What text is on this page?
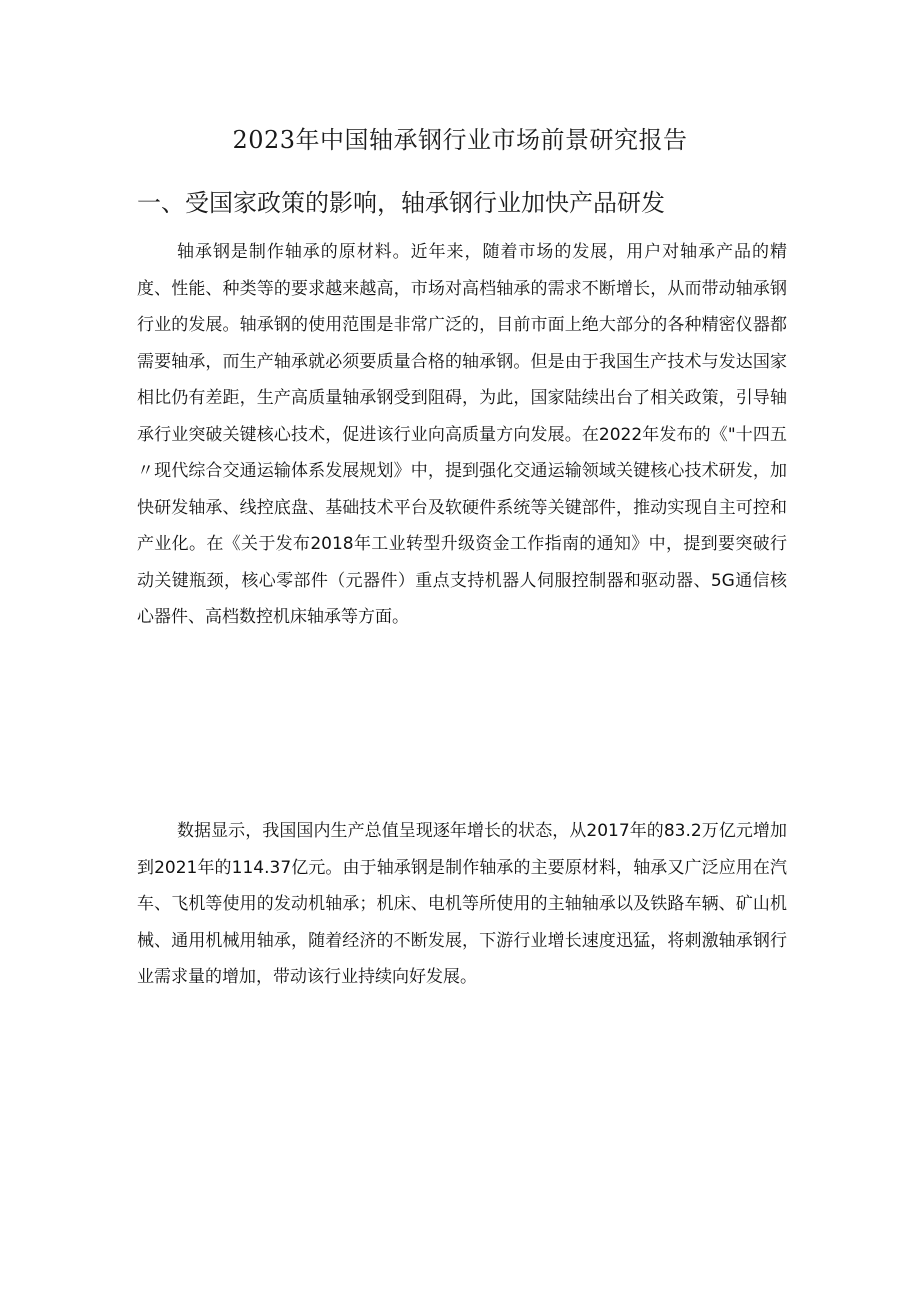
2023年中国轴承钢行业市场前景研究报告
一、受国家政策的影响，轴承钢行业加快产品研发

轴承钢是制作轴承的原材料。近年来，随着市场的发展，用户对轴承产品的精度、性能、种类等的要求越来越高，市场对高档轴承的需求不断增长，从而带动轴承钢行业的发展。轴承钢的使用范围是非常广泛的，目前市面上绝大部分的各种精密仪器都需要轴承，而生产轴承就必须要质量合格的轴承钢。但是由于我国生产技术与发达国家相比仍有差距，生产高质量轴承钢受到阻碍，为此，国家陆续出台了相关政策，引导轴承行业突破关键核心技术，促进该行业向高质量方向发展。在2022年发布的《"十四五〃现代综合交通运输体系发展规划》中，提到强化交通运输领域关键核心技术研发，加快研发轴承、线控底盘、基础技术平台及软硬件系统等关键部件，推动实现自主可控和产业化。在《关于发布2018年工业转型升级资金工作指南的通知》中，提到要突破行动关键瓶颈，核心零部件（元器件）重点支持机器人伺服控制器和驱动器、5G通信核心器件、高档数控机床轴承等方面。

数据显示，我国国内生产总值呈现逐年增长的状态，从2017年的83.2万亿元增加到2021年的114.37亿元。由于轴承钢是制作轴承的主要原材料，轴承又广泛应用在汽车、飞机等使用的发动机轴承；机床、电机等所使用的主轴轴承以及铁路车辆、矿山机械、通用机械用轴承，随着经济的不断发展，下游行业增长速度迅猛，将刺激轴承钢行业需求量的增加，带动该行业持续向好发展。
